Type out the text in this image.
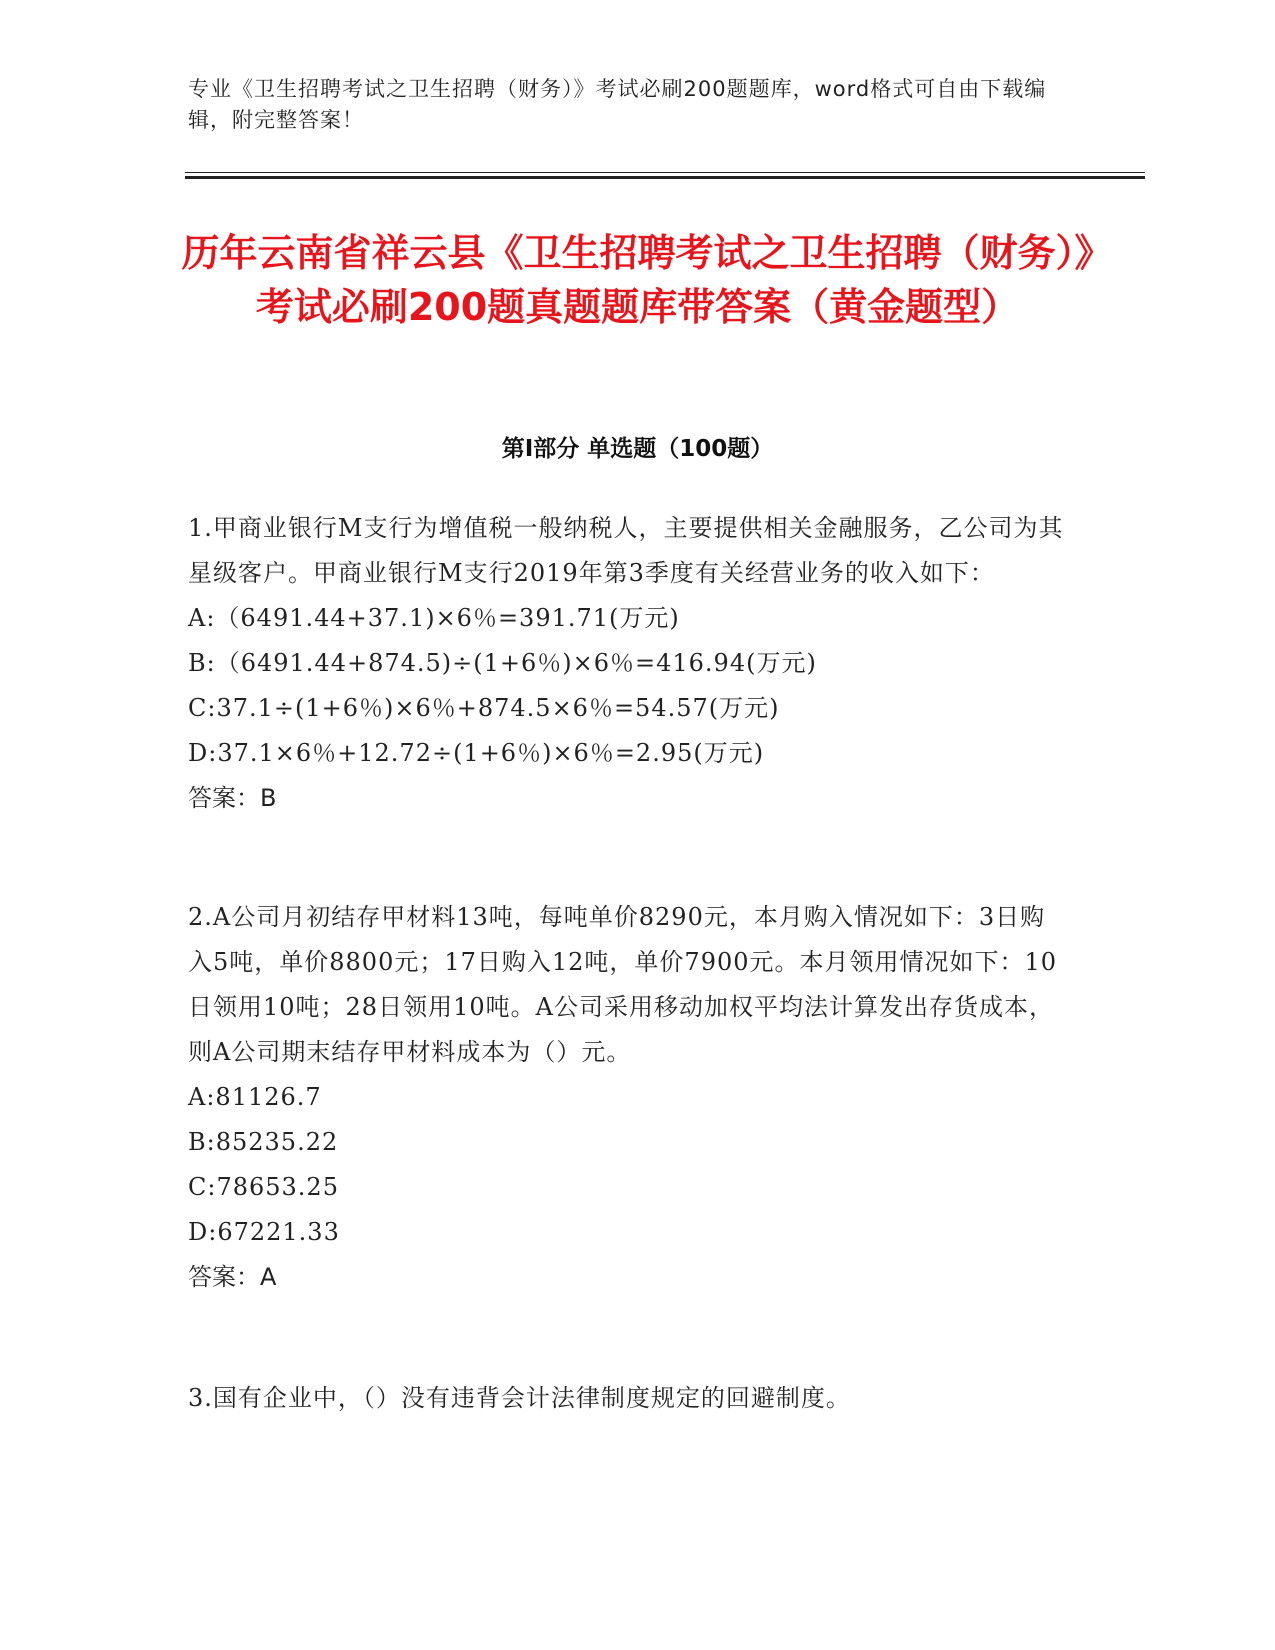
专业《卫生招聘考试之卫生招聘（财务）》考试必刷200题题库，word格式可自由下载编辑，附完整答案！
历年云南省祥云县《卫生招聘考试之卫生招聘（财务）》考试必刷200题真题题库带答案（黄金题型）
第I部分 单选题（100题）
1.甲商业银行M支行为增值税一般纳税人，主要提供相关金融服务，乙公司为其星级客户。甲商业银行M支行2019年第3季度有关经营业务的收入如下：
A:（6491.44+37.1)×6％=391.71(万元)
B:（6491.44+874.5)÷(1+6％)×6％=416.94(万元)
C:37.1÷(1+6％)×6％+874.5×6％=54.57(万元)
D:37.1×6％+12.72÷(1+6％)×6％=2.95(万元)
答案：B
2.A公司月初结存甲材料13吨，每吨单价8290元，本月购入情况如下：3日购入5吨，单价8800元；17日购入12吨，单价7900元。本月领用情况如下：10日领用10吨；28日领用10吨。A公司采用移动加权平均法计算发出存货成本，则A公司期末结存甲材料成本为（）元。
A:81126.7
B:85235.22
C:78653.25
D:67221.33
答案：A
3.国有企业中，（）没有违背会计法律制度规定的回避制度。
